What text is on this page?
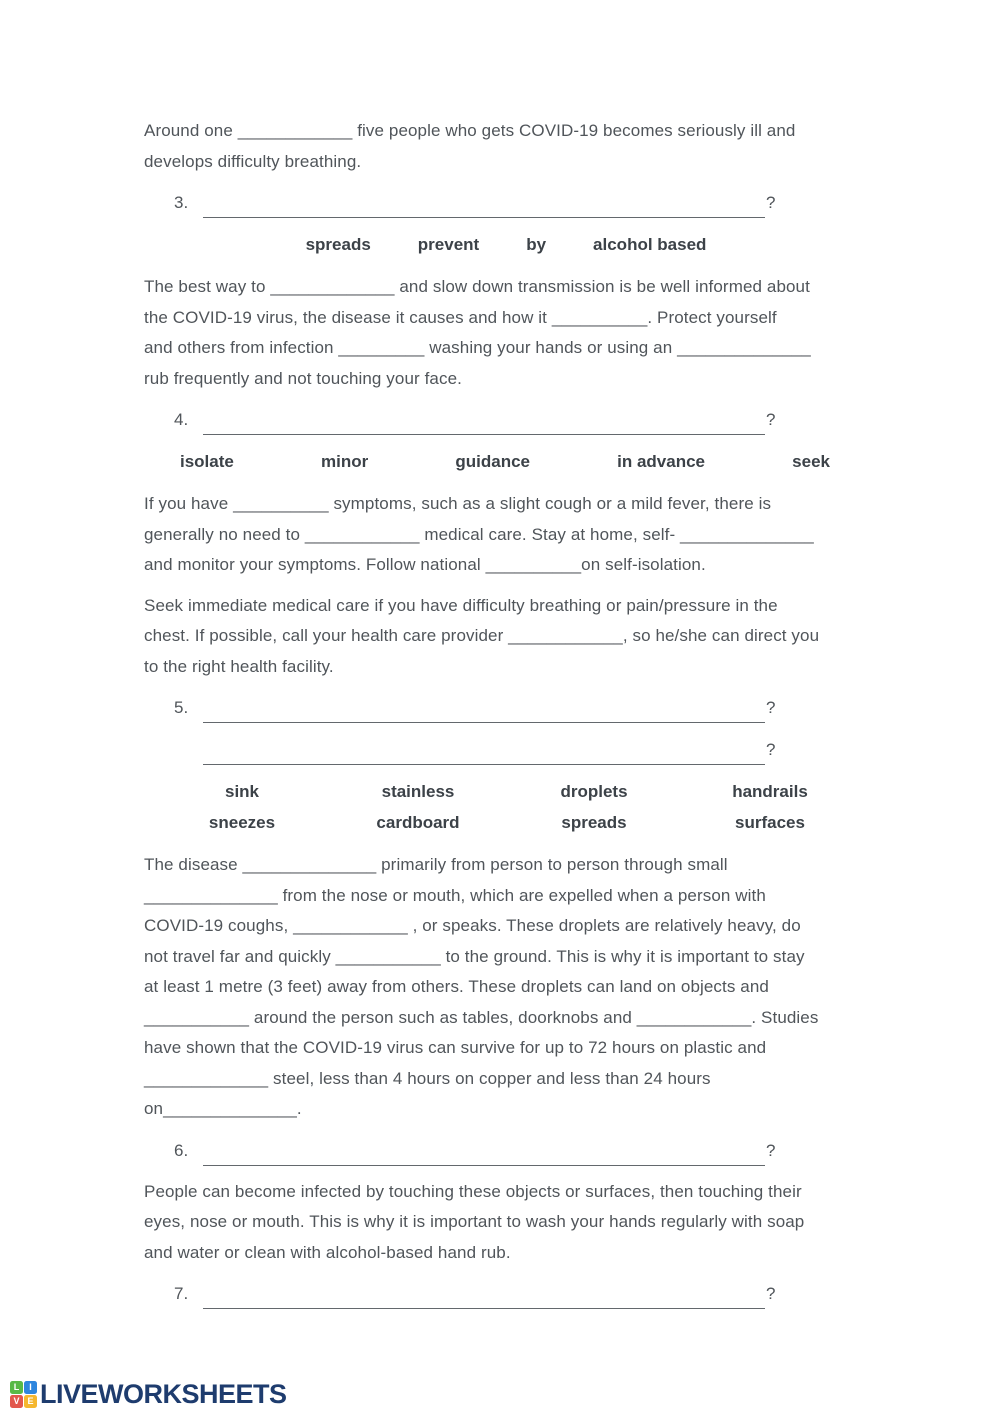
Around one ____________ five people who gets COVID-19 becomes seriously ill and
develops difficulty breathing.
3.	?
spreads	prevent	by	alcohol based
The best way to _____________ and slow down transmission is be well informed about
the COVID-19 virus, the disease it causes and how it __________. Protect yourself
and others from infection _________ washing your hands or using an ______________
rub frequently and not touching your face.
4.	?
isolate	minor	guidance	in advance	seek
If you have __________ symptoms, such as a slight cough or a mild fever, there is
generally no need to ____________ medical care. Stay at home, self- ______________
and monitor your symptoms. Follow national __________on self-isolation.
Seek immediate medical care if you have difficulty breathing or pain/pressure in the
chest. If possible, call your health care provider ____________, so he/she can direct you
to the right health facility.
5.	?
?
sink	stainless	droplets	handrails
sneezes	cardboard	spreads	surfaces
The disease ______________ primarily from person to person through small
______________ from the nose or mouth, which are expelled when a person with
COVID-19 coughs, ____________ , or speaks. These droplets are relatively heavy, do
not travel far and quickly ___________ to the ground. This is why it is important to stay
at least 1 metre (3 feet) away from others. These droplets can land on objects and
___________ around the person such as tables, doorknobs and ____________. Studies
have shown that the COVID-19 virus can survive for up to 72 hours on plastic and
_____________ steel, less than 4 hours on copper and less than 24 hours
on______________.
6.	?
People can become infected by touching these objects or surfaces, then touching their
eyes, nose or mouth. This is why it is important to wash your hands regularly with soap
and water or clean with alcohol-based hand rub.
7.	?
L	I
V E LIVEWORKSHEETS
